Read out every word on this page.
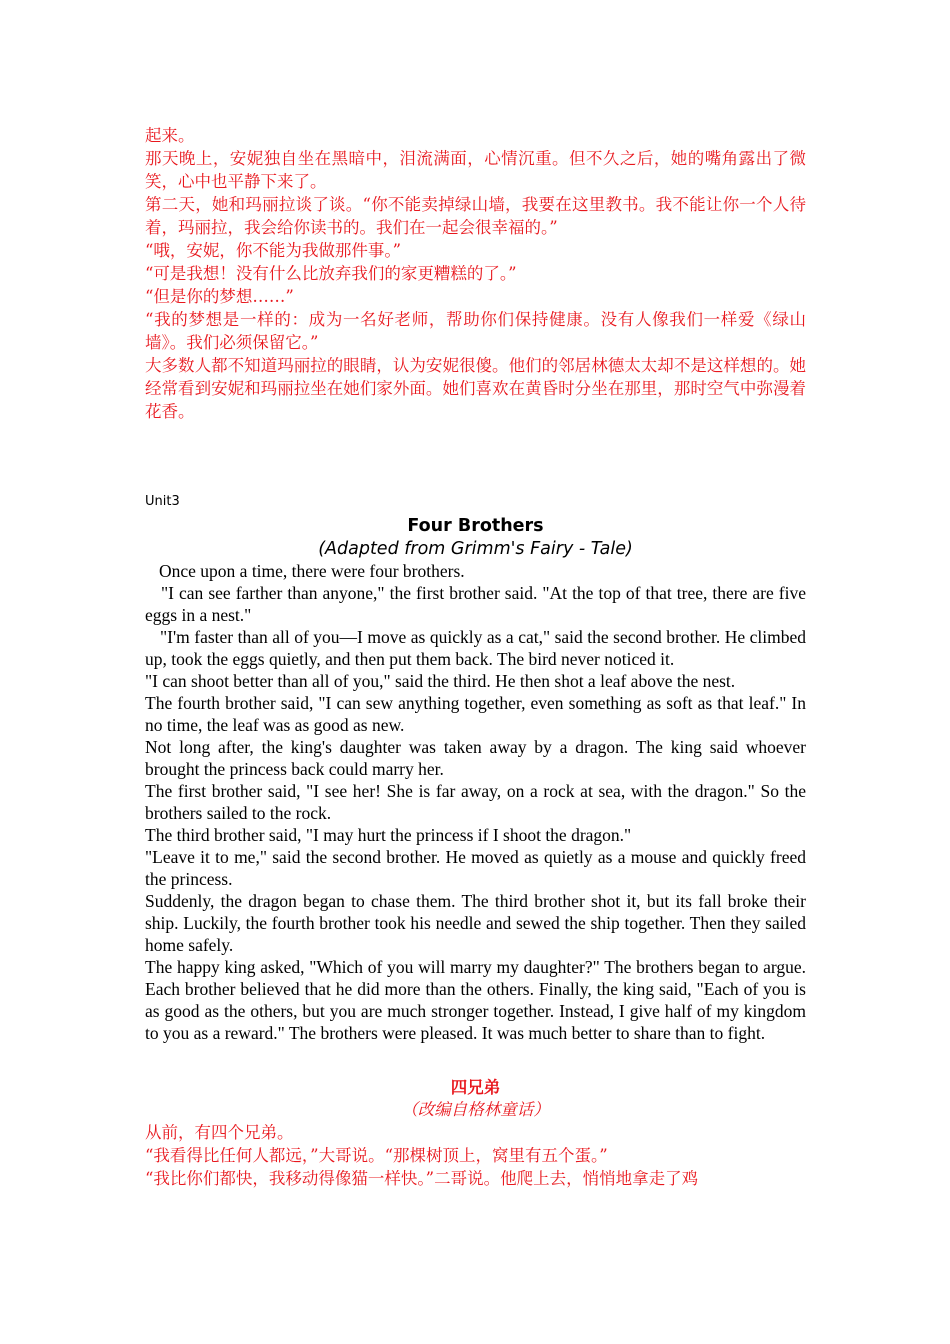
起来。

那天晚上，安妮独自坐在黑暗中，泪流满面，心情沉重。但不久之后，她的嘴角露出了微笑，心中也平静下来了。

第二天，她和玛丽拉谈了谈。“你不能卖掉绿山墙，我要在这里教书。我不能让你一个人待着，玛丽拉，我会给你读书的。我们在一起会很幸福的。”

“哦，安妮，你不能为我做那件事。”

“可是我想！没有什么比放弃我们的家更糟糕的了。”

“但是你的梦想……”

“我的梦想是一样的：成为一名好老师，帮助你们保持健康。没有人像我们一样爱《绿山墙》。我们必须保留它。”

大多数人都不知道玛丽拉的眼睛，认为安妮很傻。他们的邻居林德太太却不是这样想的。她经常看到安妮和玛丽拉坐在她们家外面。她们喜欢在黄昏时分坐在那里，那时空气中弥漫着花香。

Unit3

Four Brothers

(Adapted from Grimm's Fairy - Tale)

Once upon a time, there were four brothers.

"I can see farther than anyone," the first brother said. "At the top of that tree, there are five eggs in a nest."

"I'm faster than all of you—I move as quickly as a cat," said the second brother. He climbed up, took the eggs quietly, and then put them back. The bird never noticed it.

"I can shoot better than all of you," said the third. He then shot a leaf above the nest.

The fourth brother said, "I can sew anything together, even something as soft as that leaf." In no time, the leaf was as good as new.

Not long after, the king's daughter was taken away by a dragon. The king said whoever brought the princess back could marry her.

The first brother said, "I see her! She is far away, on a rock at sea, with the dragon." So the brothers sailed to the rock.

The third brother said, "I may hurt the princess if I shoot the dragon."

"Leave it to me," said the second brother. He moved as quietly as a mouse and quickly freed the princess.

Suddenly, the dragon began to chase them. The third brother shot it, but its fall broke their ship. Luckily, the fourth brother took his needle and sewed the ship together. Then they sailed home safely.

The happy king asked, "Which of you will marry my daughter?" The brothers began to argue. Each brother believed that he did more than the others. Finally, the king said, "Each of you is as good as the others, but you are much stronger together. Instead, I give half of my kingdom to you as a reward." The brothers were pleased. It was much better to share than to fight.

四兄弟

（改编自格林童话）

从前，有四个兄弟。

“我看得比任何人都远，”大哥说。“那棵树顶上，窝里有五个蛋。”

“我比你们都快，我移动得像猫一样快。”二哥说。他爬上去，悄悄地拿走了鸡
